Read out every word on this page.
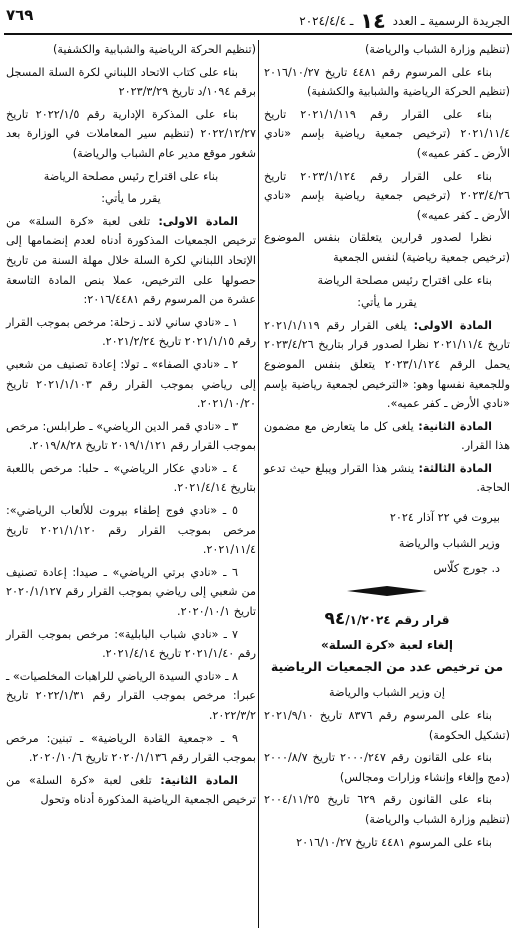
الجريدة الرسمية ـ العدد ١٤ ـ ٢٠٢٤/٤/٤
٧٦٩

(تنظيم وزارة الشباب والرياضة)

بناء على المرسوم رقم ٤٤٨١ تاريخ ٢٠١٦/١٠/٢٧ (تنظيم الحركة الرياضية والشبابية والكشفية)

بناء على القرار رقم ٢٠٢١/١/١١٩ تاريخ ٢٠٢١/١١/٤ (ترخيص جمعية رياضية بإسم «نادي الأرض ـ كفر عميه»)

بناء على القرار رقم ٢٠٢٣/١/١٢٤ تاريخ ٢٠٢٣/٤/٢٦ (ترخيص جمعية رياضية بإسم «نادي الأرض ـ كفر عميه»)

نظرا لصدور قرارين يتعلقان بنفس الموضوع (ترخيص جمعية رياضية) لنفس الجمعية

بناء على اقتراح رئيس مصلحة الرياضة

يقرر ما يأتي:

المادة الاولى: يلغى القرار رقم ٢٠٢١/١/١١٩ تاريخ ٢٠٢١/١١/٤ نظرا لصدور قرار بتاريخ ٢٠٢٣/٤/٢٦ يحمل الرقم ٢٠٢٣/١/١٢٤ يتعلق بنفس الموضوع وللجمعية نفسها وهو: «الترخيص لجمعية رياضية بإسم «نادي الأرض ـ كفر عميه».

المادة الثانية: يلغى كل ما يتعارض مع مضمون هذا القرار.

المادة الثالثة: ينشر هذا القرار ويبلغ حيث تدعو الحاجة.

بيروت في ٢٢ آذار ٢٠٢٤

وزير الشباب والرياضة

د. جورج كلّاس

قرار رقم ٩٤/١/٢٠٢٤
إلغاء لعبة «كرة السلة»
من ترخيص عدد من الجمعيات الرياضية

إن وزير الشباب والرياضة

بناء على المرسوم رقم ٨٣٧٦ تاريخ ٢٠٢١/٩/١٠ (تشكيل الحكومة)

بناء على القانون رقم ٢٠٠٠/٢٤٧ تاريخ ٢٠٠٠/٨/٧ (دمج وإلغاء وإنشاء وزارات ومجالس)

بناء على القانون رقم ٦٢٩ تاريخ ٢٠٠٤/١١/٢٥ (تنظيم وزارة الشباب والرياضة)

بناء على المرسوم ٤٤٨١ تاريخ ٢٠١٦/١٠/٢٧

(تنظيم الحركة الرياضية والشبابية والكشفية)

بناء على كتاب الاتحاد اللبناني لكرة السلة المسجل برقم ١٠٩٤/د تاريخ ٢٠٢٣/٣/٢٩

بناء على المذكرة الإدارية رقم ٢٠٢٢/١/٥ تاريخ ٢٠٢٢/١٢/٢٧ (تنظيم سير المعاملات في الوزارة بعد شغور موقع مدير عام الشباب والرياضة)

بناء على اقتراح رئيس مصلحة الرياضة

يقرر ما يأتي:

المادة الاولى: تلغى لعبة «كرة السلة» من ترخيص الجمعيات المذكورة أدناه لعدم إنضمامها إلى الإتحاد اللبناني لكرة السلة خلال مهلة السنة من تاريخ حصولها على الترخيص، عملا بنص المادة التاسعة عشرة من المرسوم رقم ٢٠١٦/٤٤٨١:

١ ـ «نادي ساني لاند ـ زحلة: مرخص بموجب القرار رقم ٢٠٢١/١/١٥ تاريخ ٢٠٢١/٢/٢٤.

٢ ـ «نادي الصفاء» ـ تولا: إعادة تصنيف من شعبي إلى رياضي بموجب القرار رقم ٢٠٢١/١/١٠٣ تاريخ ٢٠٢١/١٠/٢٠.

٣ ـ «نادي قمر الدين الرياضي» ـ طرابلس: مرخص بموجب القرار رقم ٢٠١٩/١/١٢١ تاريخ ٢٠١٩/٨/٢٨.

٤ ـ «نادي عكار الرياضي» ـ حلبا: مرخص باللعبة بتاريخ ٢٠٢١/٤/١٤.

٥ ـ «نادي فوج إطفاء بيروت للألعاب الرياضي»: مرخص بموجب القرار رقم ٢٠٢١/١/١٢٠ تاريخ ٢٠٢١/١١/٤.

٦ ـ «نادي برتي الرياضي» ـ صيدا: إعادة تصنيف من شعبي إلى رياضي بموجب القرار رقم ٢٠٢٠/١/١٢٧ تاريخ ٢٠٢٠/١٠/١.

٧ ـ «نادي شباب البابلية»: مرخص بموجب القرار رقم ٢٠٢١/١/٤٠ تاريخ ٢٠٢١/٤/١٤.

٨ ـ «نادي السيدة الرياضي للراهبات المخلصيات» ـ عبرا: مرخص بموجب القرار رقم ٢٠٢٢/١/٣١ تاريخ ٢٠٢٢/٣/٢.

٩ ـ «جمعية القادة الرياضية» ـ تبنين: مرخص بموجب القرار رقم ٢٠٢٠/١/١٣٦ تاريخ ٢٠٢٠/١٠/٦.

المادة الثانية: تلغى لعبة «كرة السلة» من ترخيص الجمعية الرياضية المذكورة أدناه وتحول
